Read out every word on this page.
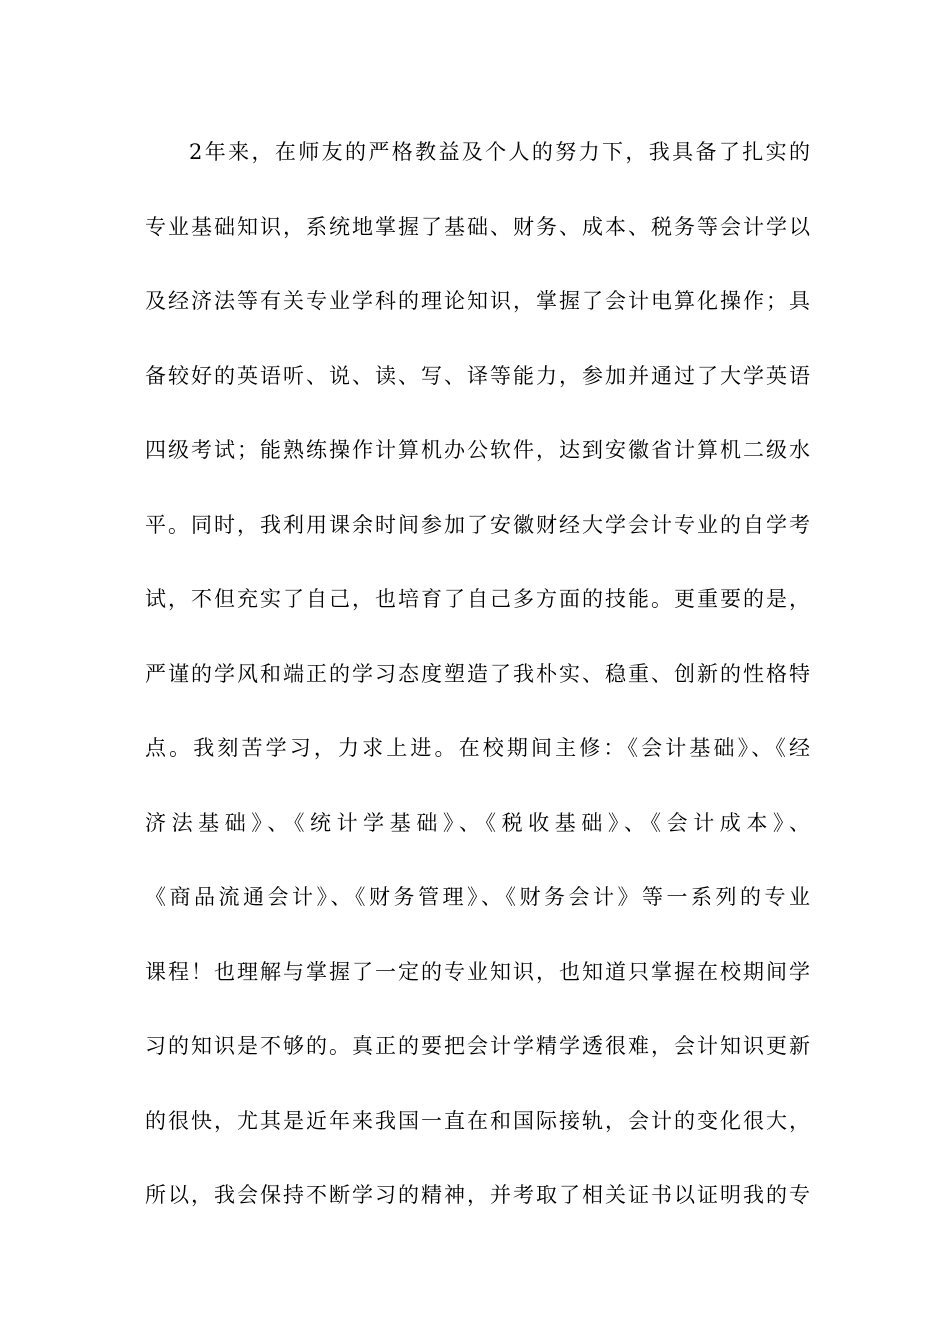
2年来，在师友的严格教益及个人的努力下，我具备了扎实的
专业基础知识，系统地掌握了基础、财务、成本、税务等会计学以
及经济法等有关专业学科的理论知识，掌握了会计电算化操作；具
备较好的英语听、说、读、写、译等能力，参加并通过了大学英语
四级考试；能熟练操作计算机办公软件，达到安徽省计算机二级水
平。同时，我利用课余时间参加了安徽财经大学会计专业的自学考
试，不但充实了自己，也培育了自己多方面的技能。更重要的是，
严谨的学风和端正的学习态度塑造了我朴实、稳重、创新的性格特
点。我刻苦学习，力求上进。在校期间主修：《会计基础》、《经
济法基础》、《统计学基础》、《税收基础》、《会计成本》、
《商品流通会计》、《财务管理》、《财务会计》等一系列的专业
课程！也理解与掌握了一定的专业知识，也知道只掌握在校期间学
习的知识是不够的。真正的要把会计学精学透很难，会计知识更新
的很快，尤其是近年来我国一直在和国际接轨，会计的变化很大，
所以，我会保持不断学习的精神，并考取了相关证书以证明我的专
